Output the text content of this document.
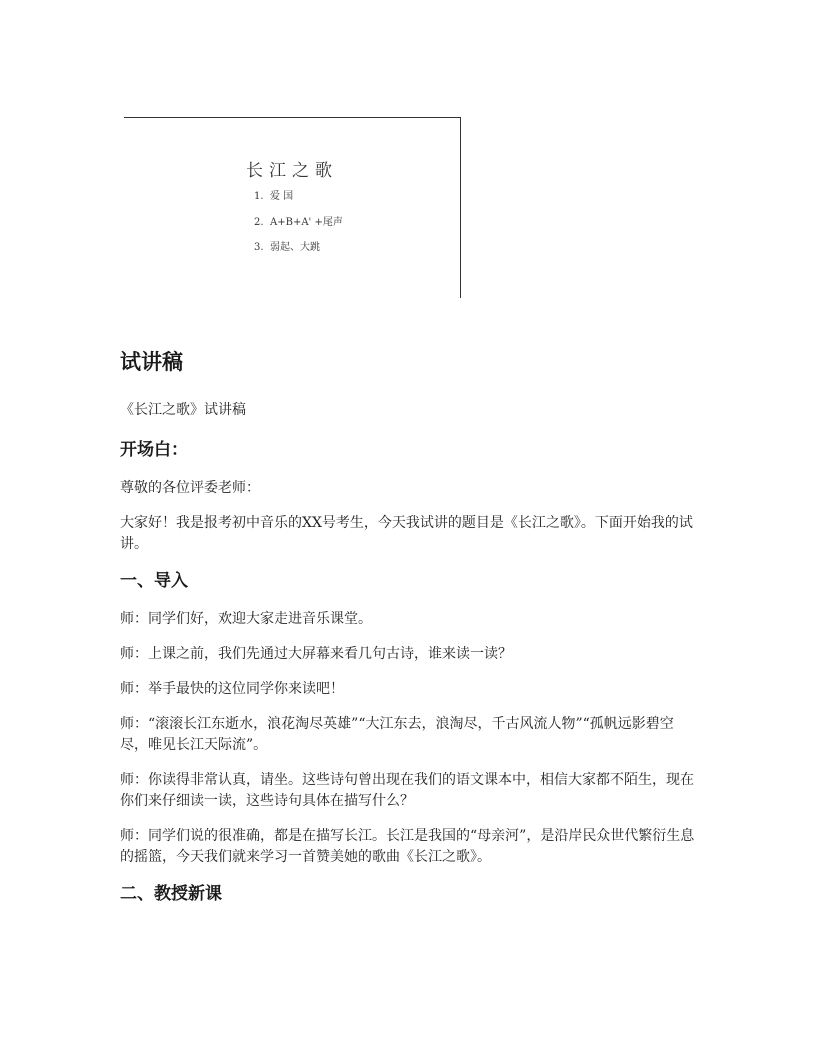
长江之歌
1. 爱 国
2. A+B+A' +尾声
3. 弱起、大跳
试讲稿

《长江之歌》试讲稿

开场白：

尊敬的各位评委老师：

大家好！我是报考初中音乐的XX号考生，今天我试讲的题目是《长江之歌》。下面开始我的试讲。

一、导入

师：同学们好，欢迎大家走进音乐课堂。

师：上课之前，我们先通过大屏幕来看几句古诗，谁来读一读？

师：举手最快的这位同学你来读吧！

师：“滚滚长江东逝水，浪花淘尽英雄”“大江东去，浪淘尽，千古风流人物”“孤帆远影碧空尽，唯见长江天际流”。

师：你读得非常认真，请坐。这些诗句曾出现在我们的语文课本中，相信大家都不陌生，现在你们来仔细读一读，这些诗句具体在描写什么？

师：同学们说的很准确，都是在描写长江。长江是我国的“母亲河”，是沿岸民众世代繁衍生息的摇篮，今天我们就来学习一首赞美她的歌曲《长江之歌》。

二、教授新课
